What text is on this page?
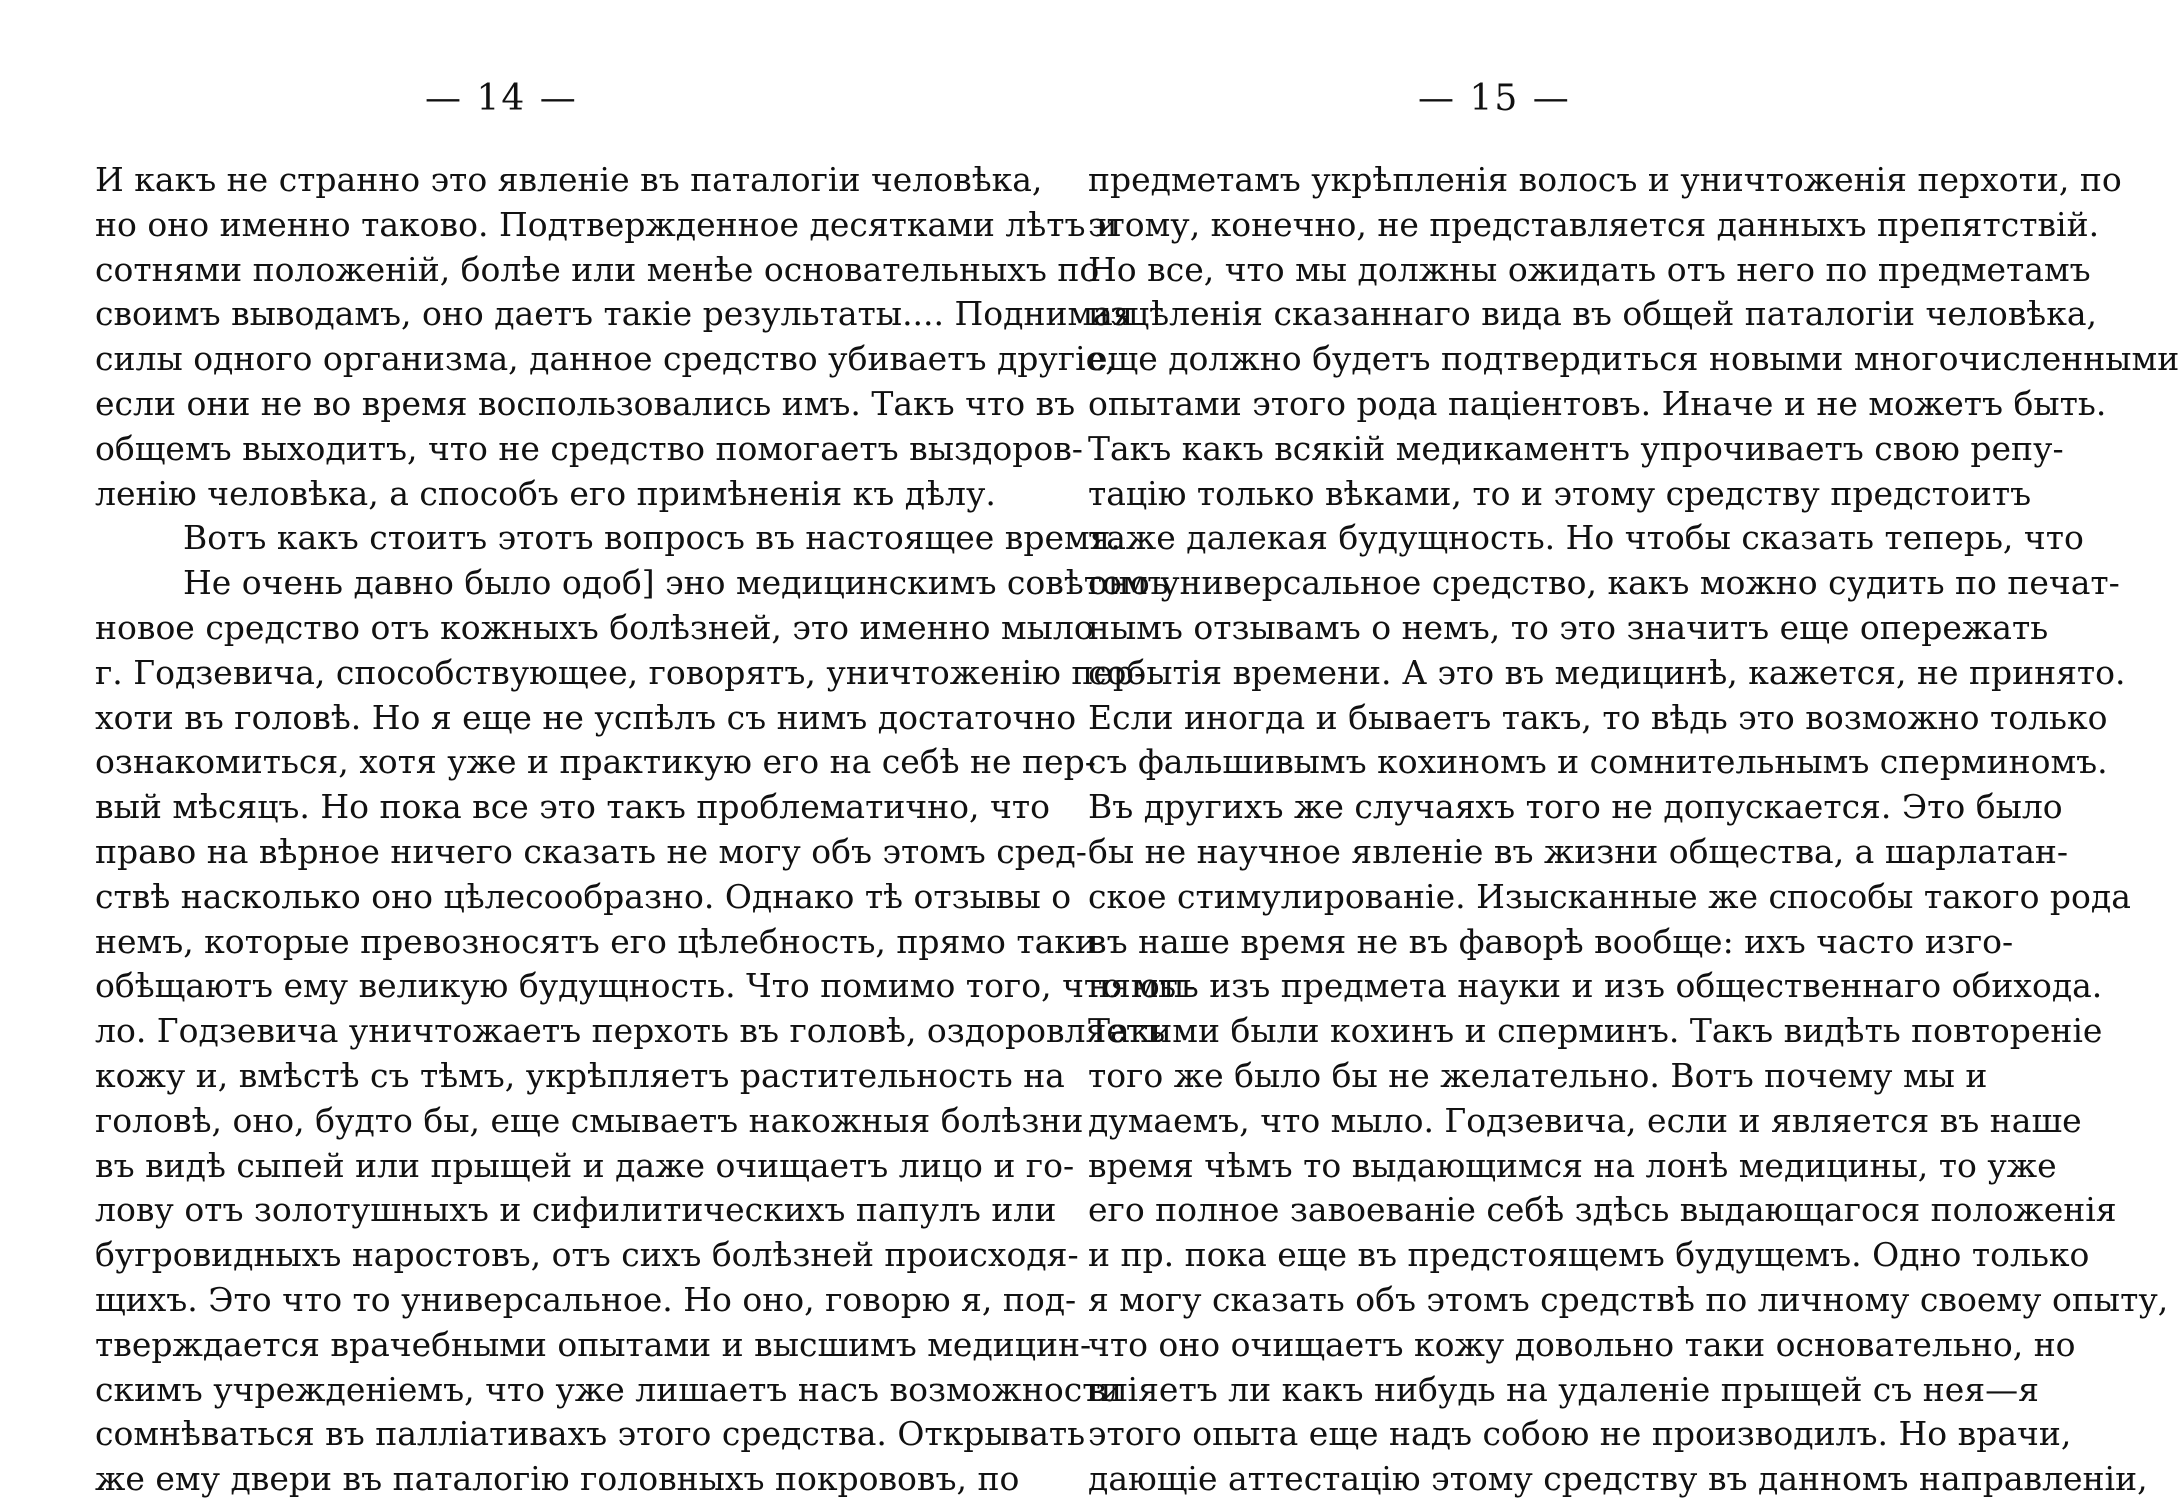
— 14 —
И какъ не странно это явленіе въ паталогіи человѣка,
но оно именно таково. Подтвержденное десятками лѣтъ и
сотнями положеній, болѣе или менѣе основательныхъ по
своимъ выводамъ, оно даетъ такіе результаты.... Поднимая
силы одного организма, данное средство убиваетъ другіе,
если они не во время воспользовались имъ. Такъ что въ
общемъ выходитъ, что не средство помогаетъ выздоров-
ленію человѣка, а способъ его примѣненія къ дѣлу.
Вотъ какъ стоитъ этотъ вопросъ въ настоящее время.
Не очень давно было одоб] эно медицинскимъ совѣтомъ
новое средство отъ кожныхъ болѣзней, это именно мыло
г. Годзевича, способствующее, говорятъ, уничтоженію пер-
хоти въ головѣ. Но я еще не успѣлъ съ нимъ достаточно
ознакомиться, хотя уже и практикую его на себѣ не пер-
вый мѣсяцъ. Но пока все это такъ проблематично, что
право на вѣрное ничего сказать не могу объ этомъ сред-
ствѣ насколько оно цѣлесообразно. Однако тѣ отзывы о
немъ, которые превозносятъ его цѣлебность, прямо таки
обѣщаютъ ему великую будущность. Что помимо того, что мы-
ло. Годзевича уничтожаетъ перхоть въ головѣ, оздоровляетъ
кожу и, вмѣстѣ съ тѣмъ, укрѣпляетъ растительность на
головѣ, оно, будто бы, еще смываетъ накожныя болѣзни
въ видѣ сыпей или прыщей и даже очищаетъ лицо и го-
лову отъ золотушныхъ и сифилитическихъ папулъ или
бугровидныхъ наростовъ, отъ сихъ болѣзней происходя-
щихъ. Это что то универсальное. Но оно, говорю я, под-
тверждается врачебными опытами и высшимъ медицин-
скимъ учрежденіемъ, что уже лишаетъ насъ возможности
сомнѣваться въ палліативахъ этого средства. Открывать
же ему двери въ паталогію головныхъ покрововъ, по
— 15 —
предметамъ укрѣпленія волосъ и уничтоженія перхоти, по
этому, конечно, не представляется данныхъ препятствій.
Но все, что мы должны ожидать отъ него по предметамъ
изцѣленія сказаннаго вида въ общей паталогіи человѣка,
еще должно будетъ подтвердиться новыми многочисленными
опытами этого рода паціентовъ. Иначе и не можетъ быть.
Такъ какъ всякій медикаментъ упрочиваетъ свою репу-
тацію только вѣками, то и этому средству предстоитъ
таже далекая будущность. Но чтобы сказать теперь, что
оно универсальное средство, какъ можно судить по печат-
нымъ отзывамъ о немъ, то это значитъ еще опережать
событія времени. А это въ медицинѣ, кажется, не принято.
Если иногда и бываетъ такъ, то вѣдь это возможно только
съ фальшивымъ кохиномъ и сомнительнымъ сперминомъ.
Въ другихъ же случаяхъ того не допускается. Это было
бы не научное явленіе въ жизни общества, а шарлатан-
ское стимулированіе. Изысканные же способы такого рода
въ наше время не въ фаворѣ вообще: ихъ часто изго-
няютъ изъ предмета науки и изъ общественнаго обихода.
Такими были кохинъ и сперминъ. Такъ видѣть повтореніе
того же было бы не желательно. Вотъ почему мы и
думаемъ, что мыло. Годзевича, если и является въ наше
время чѣмъ то выдающимся на лонѣ медицины, то уже
его полное завоеваніе себѣ здѣсь выдающагося положенія
и пр. пока еще въ предстоящемъ будущемъ. Одно только
я могу сказать объ этомъ средствѣ по личному своему опыту,
что оно очищаетъ кожу довольно таки основательно, но
вліяетъ ли какъ нибудь на удаленіе прыщей съ нея—я
этого опыта еще надъ собою не производилъ. Но врачи,
дающіе аттестацію этому средству въ данномъ направленіи,
